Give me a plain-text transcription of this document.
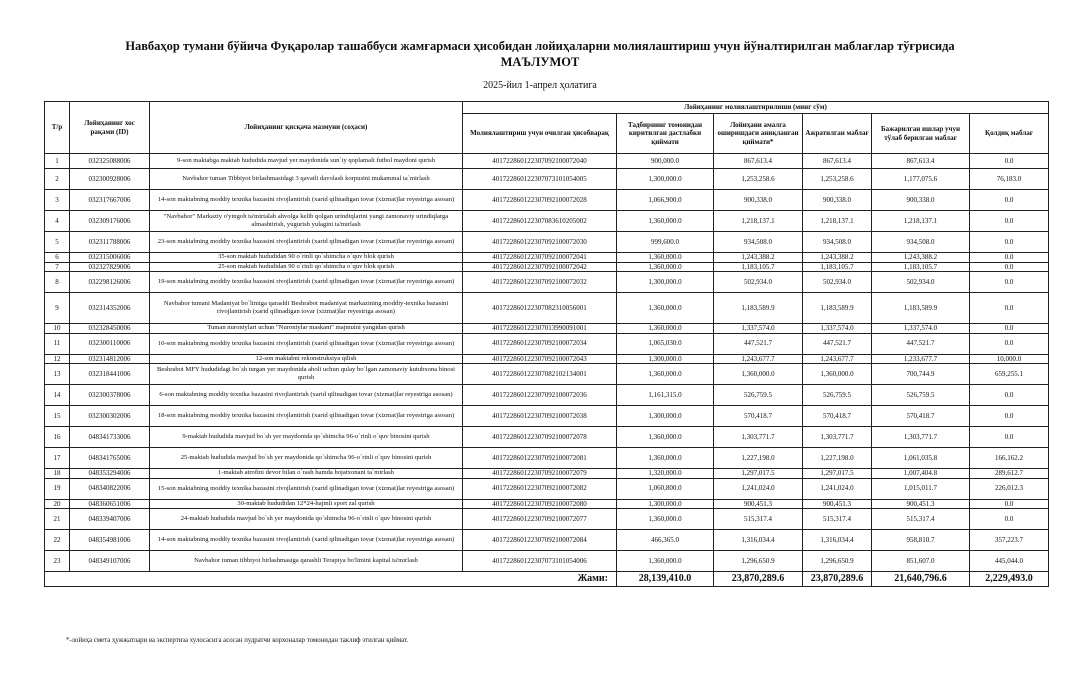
Навбаҳор тумани бўйича Фуқаролар ташаббуси жамғармаси ҳисобидан лойиҳаларни молиялаштириш учун йўналтирилган маблағлар тўғрисида
МАЪЛУМОТ
2025-йил 1-апрел ҳолатига
Т/р	Лойиҳанинг хос рақами (ID)	Лойиҳанинг қисқача мазмуни (соҳаси)	Лойиҳанинг молиялаштирилиши (минг сўм)					
			Молиялаштириш учун очилган ҳисобварақ	Тадбирнинг томонидан киритилган дастлабки қиймати	Лойиҳани амалга оширишдаги аниқланган қиймати*	Ажратилган маблағ	Бажарилган ишлар учун тўлаб берилган маблағ	Қолдиқ маблағ
1	032325088006	9-son maktabga maktab hududida mavjud yer maydonida sun`iy qoplamali futbol maydoni qurish	40172286012230709210007​2040	900,000.0	867,613.4	867,613.4	867,613.4	0.0
2	032300928006	Navbahor tuman Tibbiyot birlashmasidagi 3 qavatli davolash korpusini mukammal ta`mirlash	401722860122307073101054005	1,300,000.0	1,253,258.6	1,253,258.6	1,177,075.6	76,183.0
3	032317667006	14-son maktabning moddiy texnika bazasini rivojlantirish (xarid qilinadigan tovar (xizmat)lar reyestriga asosan)	401722860122307092100072028	1,066,900.0	900,338.0	900,338.0	900,338.0	0.0
4	032309176006	"Navbahor" Markaziy o'yingoh ta'mirtalab ahvolga kelib qolgan urindiqlarini yangi zamonaviy urindiqlarga almashtirish, yugurish yulagini ta'mirlash	401722860122307083610205002	1,360,000.0	1,218,137.1	1,218,137.1	1,218,137.1	0.0
5	032311788006	23-son maktabning moddiy texnika bazasini rivojlantirish (xarid qilinadigan tovar (xizmat)lar reyestriga asosan)	401722860122307092100072030	999,600.0	934,508.0	934,508.0	934,508.0	0.0
6	032315006006	35-son maktab hududidan 90 o`rinli qo`shimcha o`quv blok qurish	401722860122307092100072041	1,360,000.0	1,243,388.2	1,243,388.2	1,243,388.2	0.0
7	032327829006	25-son maktab hududidan 90 o`rinli qo`shimcha o`quv blok qurish	401722860122307092100072042	1,360,000.0	1,183,105.7	1,183,105.7	1,183,105.7	0.0
8	032298126006	19-son maktabning moddiy texnika bazasini rivojlantirish (xarid qilinadigan tovar (xizmat)lar reyestriga asosan)	401722860122307092100072032	1,300,000.0	502,934.0	502,934.0	502,934.0	0.0
9	032314352006	Navbahor tumani Madaniyat bo`limiga qarashli Beshrabot madaniyat markazining moddiy-texnika bazasini rivojlantirish (xarid qilinadigan tovar (xizmat)lar reyestriga asosan)	401722860122307082310056001	1,360,000.0	1,183,589.9	1,183,589.9	1,183,589.9	0.0
10	032328450006	Tuman nuroniylari uchun "Nuroniylar maskani" majmuini yangidan qurish	401722860122307013990091001	1,360,000.0	1,337,574.0	1,337,574.0	1,337,574.0	0.0
11	032300110006	10-son maktabning moddiy texnika bazasini rivojlantirish (xarid qilinadigan tovar (xizmat)lar reyestriga asosan)	401722860122307092100072034	1,065,030.0	447,521.7	447,521.7	447,521.7	0.0
12	032314812006	12-son maktabni rekonstruksiya qilish	401722860122307092100072043	1,300,000.0	1,243,677.7	1,243,677.7	1,233,677.7	10,000.0
13	032318441006	Beshrabot MFY hududidagi bo`sh turgan yer maydonida aholi uchun qulay bo`lgan zamonaviy kutubxona binosi qurish	401722860122307082102134001	1,360,000.0	1,360,000.0	1,360,000.0	700,744.9	659,255.1
14	032300378006	6-son maktabning moddiy texnika bazasini rivojlantirish (xarid qilinadigan tovar (xizmat)lar reyestriga asosan)	401722860122307092100072036	1,161,315.0	526,759.5	526,759.5	526,759.5	0.0
15	032300302006	18-son maktabning moddiy texnika bazasini rivojlantirish (xarid qilinadigan tovar (xizmat)lar reyestriga asosan)	401722860122307092100072038	1,300,000.0	570,418.7	570,418.7	570,418.7	0.0
16	048341733006	9-maktab hududida mavjud bo`sh yer maydonida qo`shimcha 96-o`rinli o`quv binosini qurish	401722860122307092100072078	1,360,000.0	1,303,771.7	1,303,771.7	1,303,771.7	0.0
17	048341765006	25-maktab hududida mavjud bo`sh yer maydonida qo`shimcha 96-o`rinli o`quv binosini qurish	401722860122307092100072081	1,360,000.0	1,227,198.0	1,227,198.0	1,061,035.8	166,162.2
18	048353294006	1-maktab atrofini devor bilan o`rash hamda hojatxonani ta`mirlash	401722860122307092100072079	1,320,000.0	1,297,017.5	1,297,017.5	1,007,404.8	289,612.7
19	048340822006	15-son maktabning moddiy texnika bazasini rivojlantirish (xarid qilinadigan tovar (xizmat)lar reyestriga asosan)	401722860122307092100072082	1,060,800.0	1,241,024.0	1,241,024.0	1,015,011.7	226,012.3
20	048360651006	30-maktab hududidan 12*24-hajmli sport zal qurish	401722860122307092100072080	1,300,000.0	900,451.3	900,451.3	900,451.3	0.0
21	048339407006	24-maktab hududida mavjud bo`sh yer maydonida qo`shimcha 96-o`rinli o`quv binosini qurish	401722860122307092100072077	1,360,000.0	515,317.4	515,317.4	515,317.4	0.0
22	048354981006	14-son maktabning moddiy texnika bazasini rivojlantirish (xarid qilinadigan tovar (xizmat)lar reyestriga asosan)	401722860122307092100072084	466,365.0	1,316,034.4	1,316,034.4	958,810.7	357,223.7
23	048349107006	Navbahor tuman tibbiyot birlashmasiga qarashli Terapiya bo'limini kapital ta'mirlash	401722860122307073101054006	1,360,000.0	1,296,650.9	1,296,650.9	851,607.0	445,044.0
Жами:				28,139,410.0	23,870,289.6	23,870,289.6	21,640,796.6	2,229,493.0
*-лойиҳа смета ҳужжатлари ва экспертиза хулосасига асосан пудратчи корхоналар томонидан таклиф этилган қиймат.
